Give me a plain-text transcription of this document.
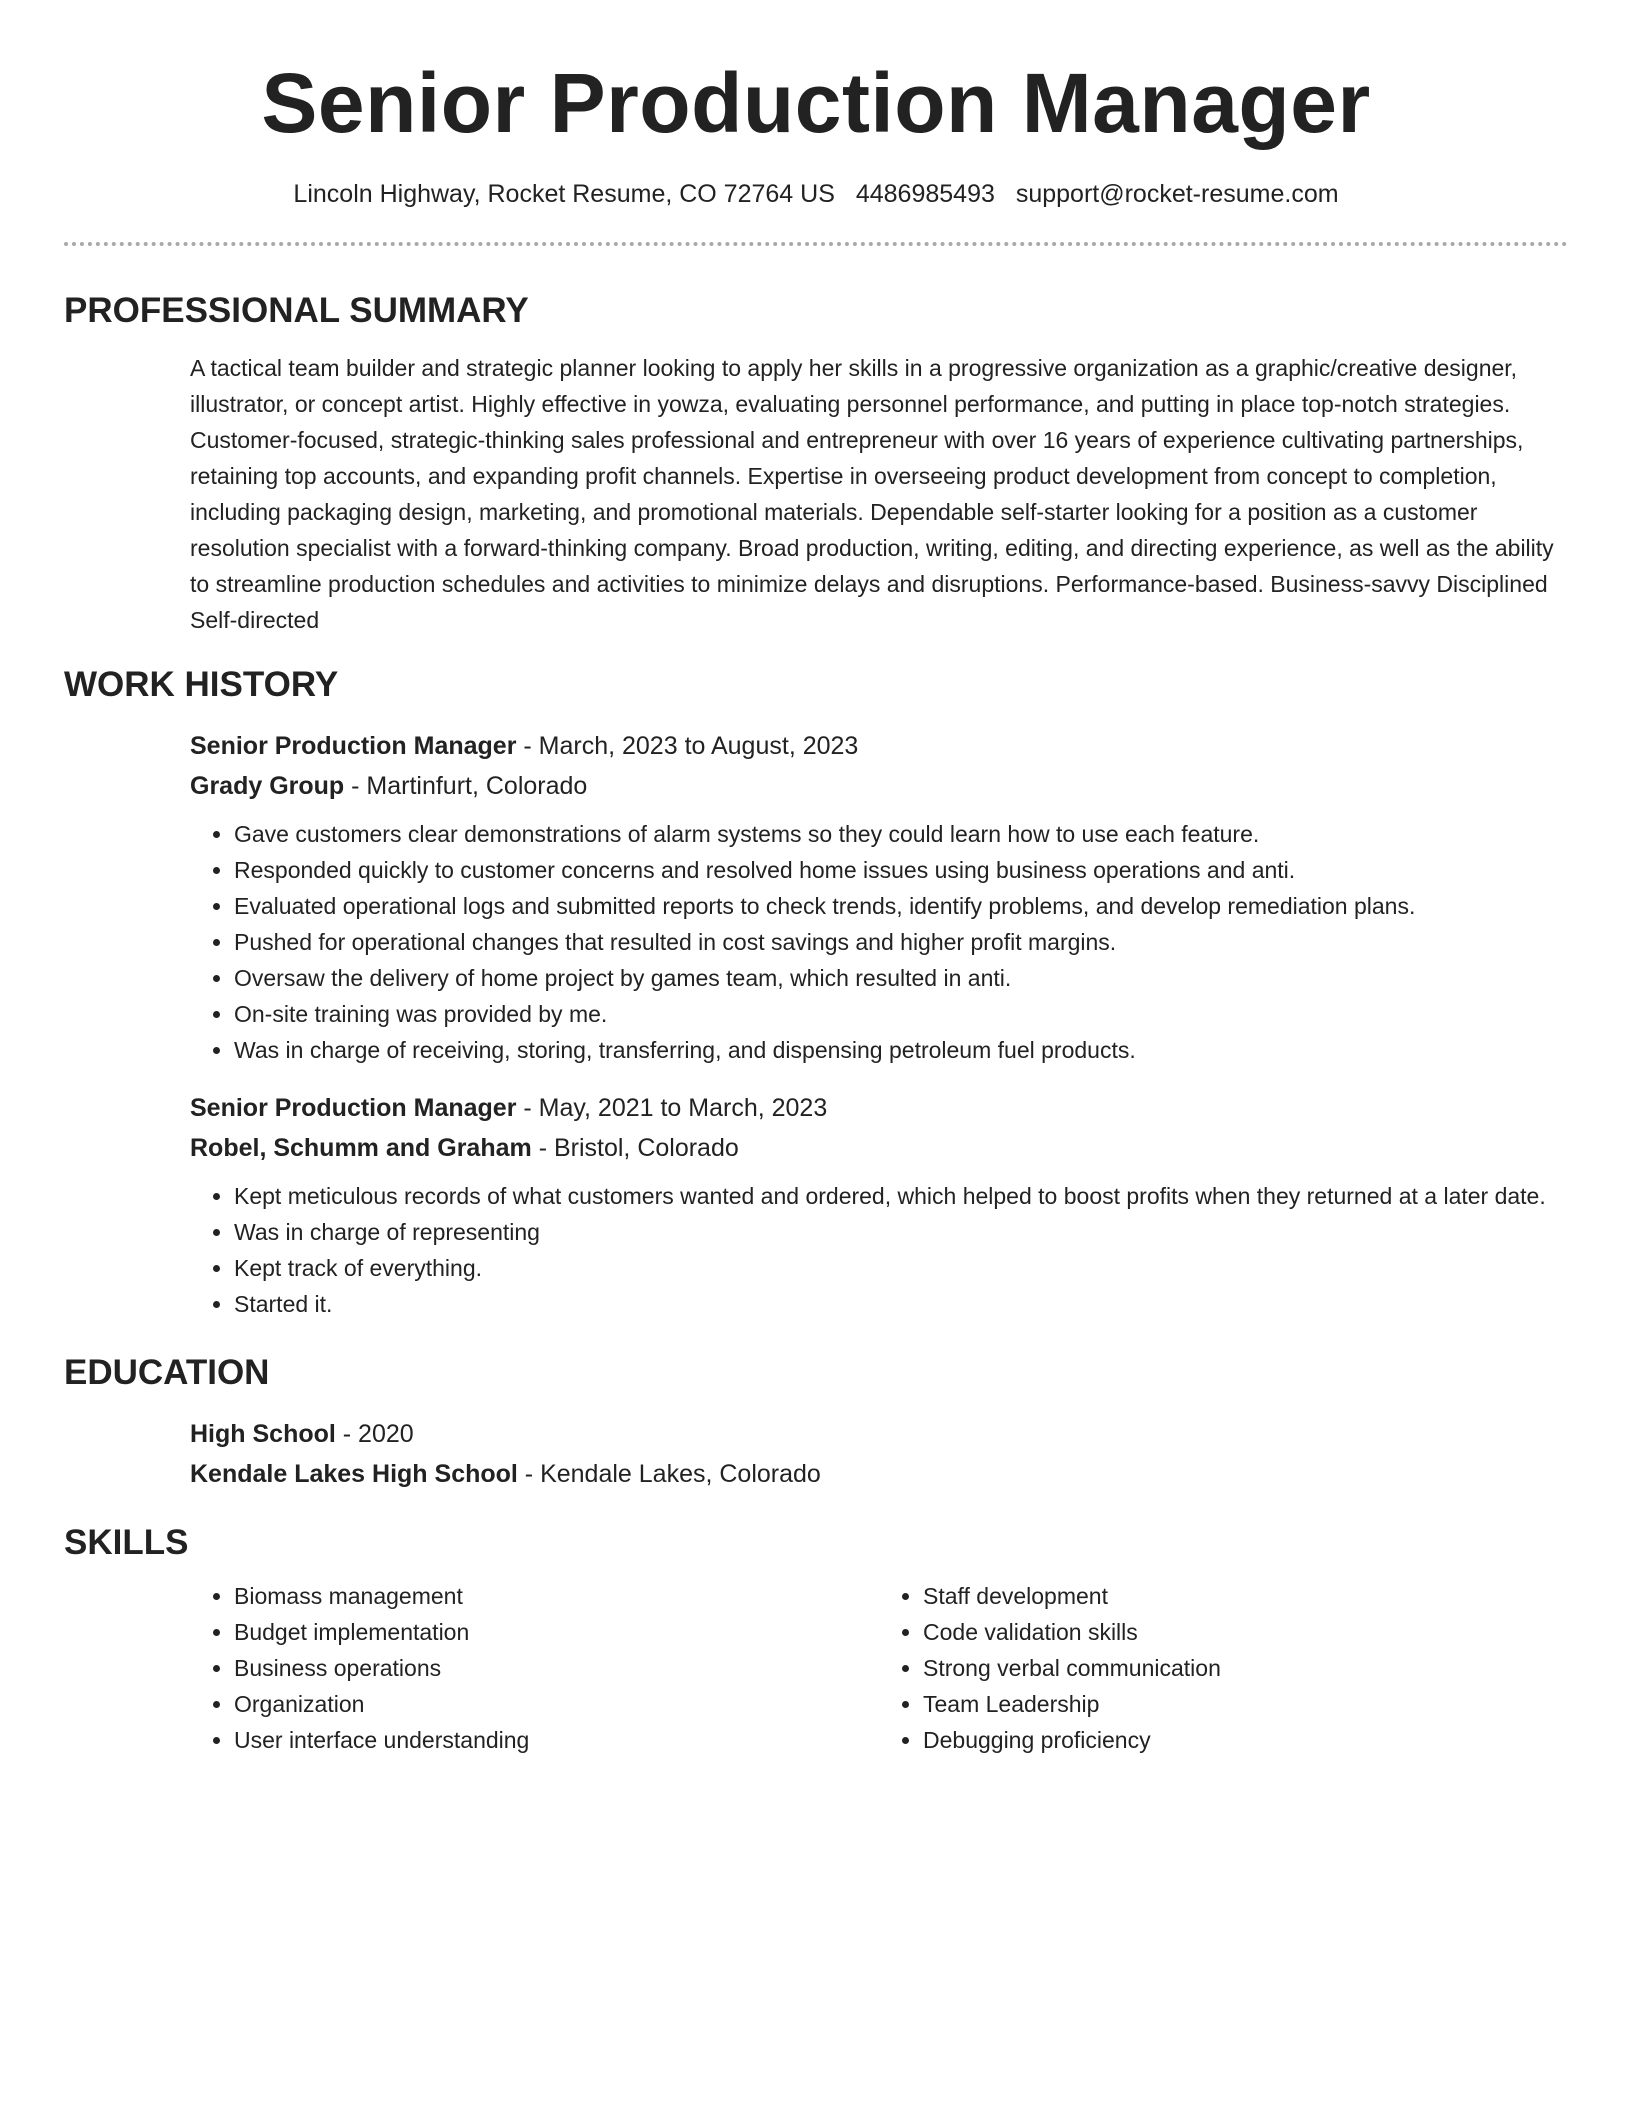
Senior Production Manager
Lincoln Highway, Rocket Resume, CO 72764 US 4486985493 support@rocket-resume.com
PROFESSIONAL SUMMARY
A tactical team builder and strategic planner looking to apply her skills in a progressive organization as a graphic/creative designer, illustrator, or concept artist. Highly effective in yowza, evaluating personnel performance, and putting in place top-notch strategies. Customer-focused, strategic-thinking sales professional and entrepreneur with over 16 years of experience cultivating partnerships, retaining top accounts, and expanding profit channels. Expertise in overseeing product development from concept to completion, including packaging design, marketing, and promotional materials. Dependable self-starter looking for a position as a customer resolution specialist with a forward-thinking company. Broad production, writing, editing, and directing experience, as well as the ability to streamline production schedules and activities to minimize delays and disruptions. Performance-based. Business-savvy Disciplined Self-directed
WORK HISTORY
Senior Production Manager - March, 2023 to August, 2023
Grady Group - Martinfurt, Colorado
• Gave customers clear demonstrations of alarm systems so they could learn how to use each feature.
• Responded quickly to customer concerns and resolved home issues using business operations and anti.
• Evaluated operational logs and submitted reports to check trends, identify problems, and develop remediation plans.
• Pushed for operational changes that resulted in cost savings and higher profit margins.
• Oversaw the delivery of home project by games team, which resulted in anti.
• On-site training was provided by me.
• Was in charge of receiving, storing, transferring, and dispensing petroleum fuel products.
Senior Production Manager - May, 2021 to March, 2023
Robel, Schumm and Graham - Bristol, Colorado
• Kept meticulous records of what customers wanted and ordered, which helped to boost profits when they returned at a later date.
• Was in charge of representing
• Kept track of everything.
• Started it.
EDUCATION
High School - 2020
Kendale Lakes High School - Kendale Lakes, Colorado
SKILLS
• Biomass management
• Budget implementation
• Business operations
• Organization
• User interface understanding
• Staff development
• Code validation skills
• Strong verbal communication
• Team Leadership
• Debugging proficiency
